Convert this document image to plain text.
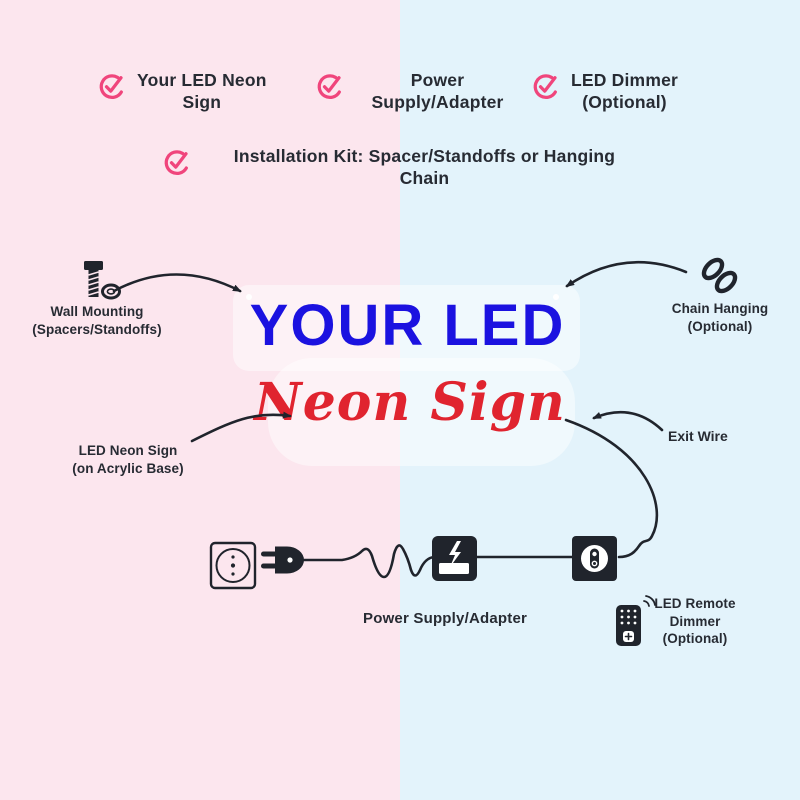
Your LED Neon
Sign
Power
Supply/Adapter
LED Dimmer
(Optional)
Installation Kit: Spacer/Standoffs or Hanging
Chain
YOUR LED
Neon Sign
Wall Mounting
(Spacers/Standoffs)
Chain Hanging
(Optional)
LED Neon Sign
(on Acrylic Base)
Exit Wire
Power Supply/Adapter
LED Remote
Dimmer
(Optional)
